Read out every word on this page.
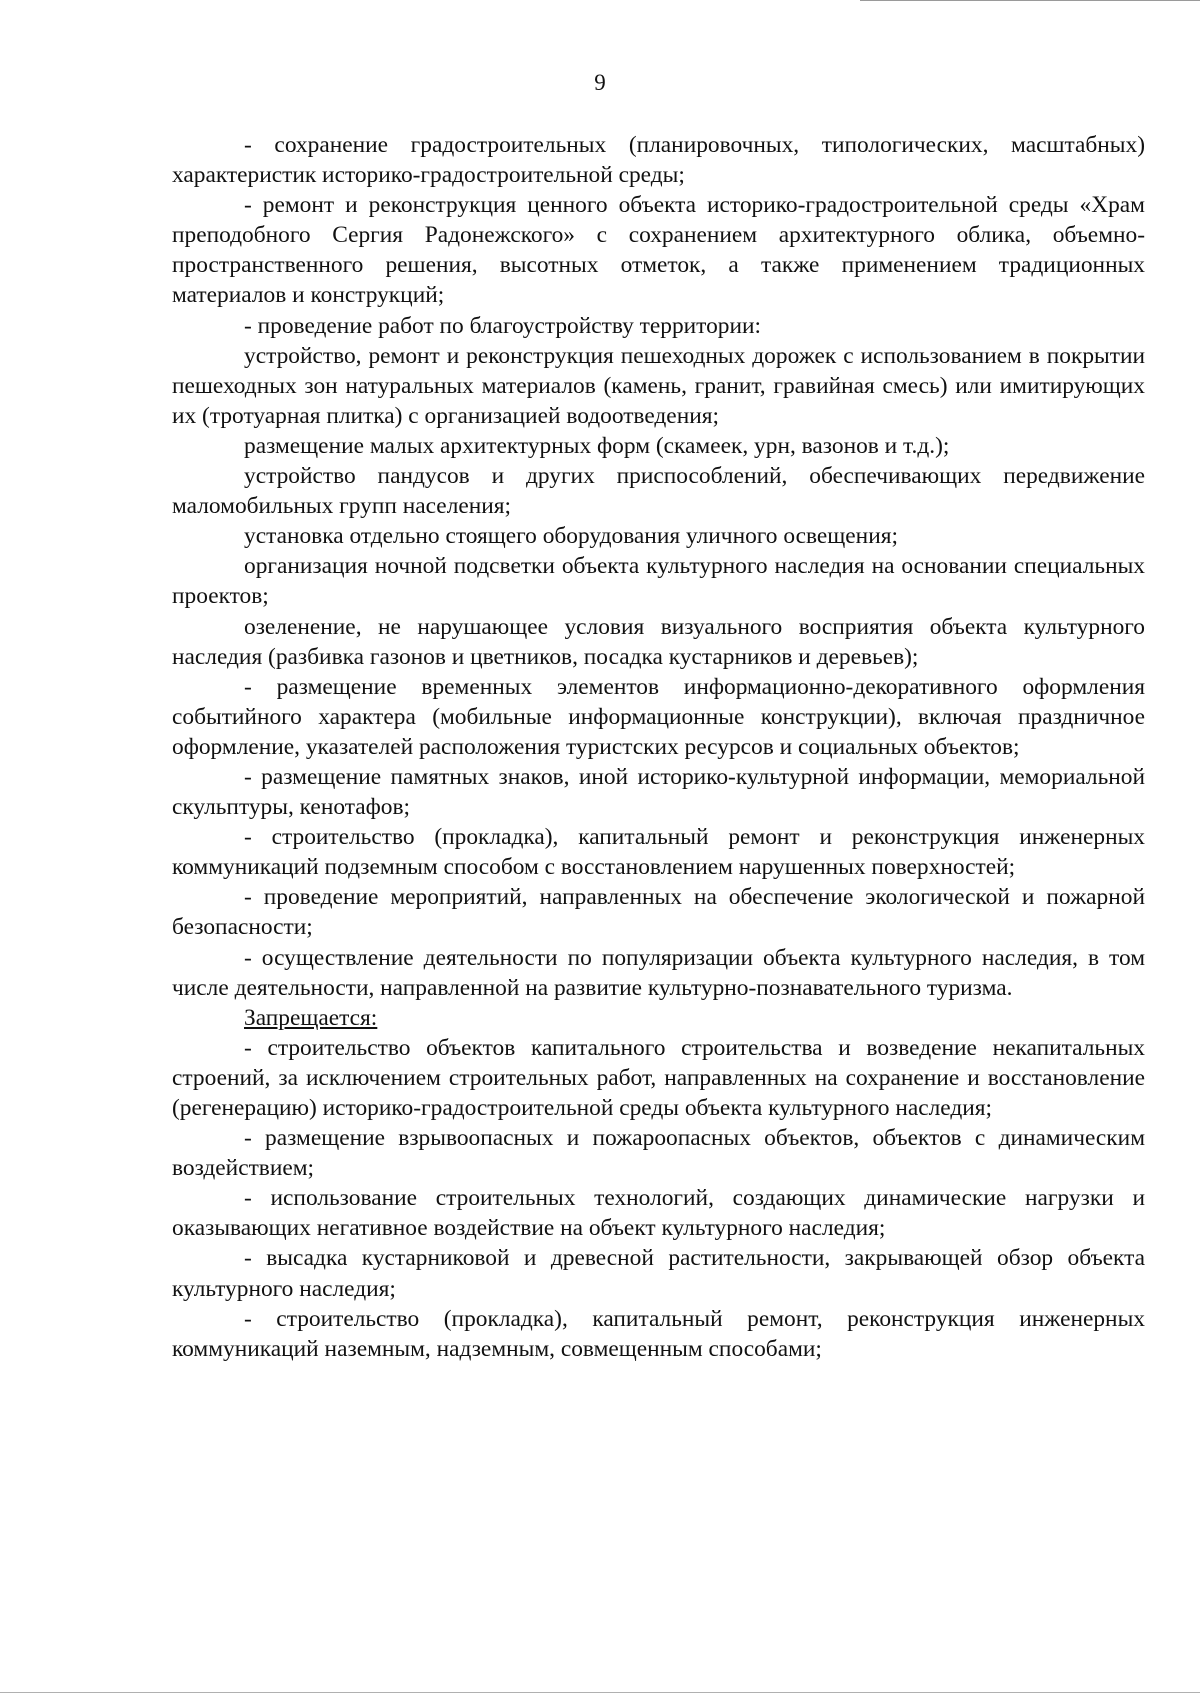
9

- сохранение градостроительных (планировочных, типологических, масштабных) характеристик историко-градостроительной среды;

- ремонт и реконструкция ценного объекта историко-градостроительной среды «Храм преподобного Сергия Радонежского» с сохранением архитектурного облика, объемно-пространственного решения, высотных отметок, а также применением традиционных материалов и конструкций;

- проведение работ по благоустройству территории:

устройство, ремонт и реконструкция пешеходных дорожек с использованием в покрытии пешеходных зон натуральных материалов (камень, гранит, гравийная смесь) или имитирующих их (тротуарная плитка) с организацией водоотведения;

размещение малых архитектурных форм (скамеек, урн, вазонов и т.д.);

устройство пандусов и других приспособлений, обеспечивающих передвижение маломобильных групп населения;

установка отдельно стоящего оборудования уличного освещения;

организация ночной подсветки объекта культурного наследия на основании специальных проектов;

озеленение, не нарушающее условия визуального восприятия объекта культурного наследия (разбивка газонов и цветников, посадка кустарников и деревьев);

- размещение временных элементов информационно-декоративного оформления событийного характера (мобильные информационные конструкции), включая праздничное оформление, указателей расположения туристских ресурсов и социальных объектов;

- размещение памятных знаков, иной историко-культурной информации, мемориальной скульптуры, кенотафов;

- строительство (прокладка), капитальный ремонт и реконструкция инженерных коммуникаций подземным способом с восстановлением нарушенных поверхностей;

- проведение мероприятий, направленных на обеспечение экологической и пожарной безопасности;

- осуществление деятельности по популяризации объекта культурного наследия, в том числе деятельности, направленной на развитие культурно-познавательного туризма.

Запрещается:

- строительство объектов капитального строительства и возведение некапитальных строений, за исключением строительных работ, направленных на сохранение и восстановление (регенерацию) историко-градостроительной среды объекта культурного наследия;

- размещение взрывоопасных и пожароопасных объектов, объектов с динамическим воздействием;

- использование строительных технологий, создающих динамические нагрузки и оказывающих негативное воздействие на объект культурного наследия;

- высадка кустарниковой и древесной растительности, закрывающей обзор объекта культурного наследия;

- строительство (прокладка), капитальный ремонт, реконструкция инженерных коммуникаций наземным, надземным, совмещенным способами;
